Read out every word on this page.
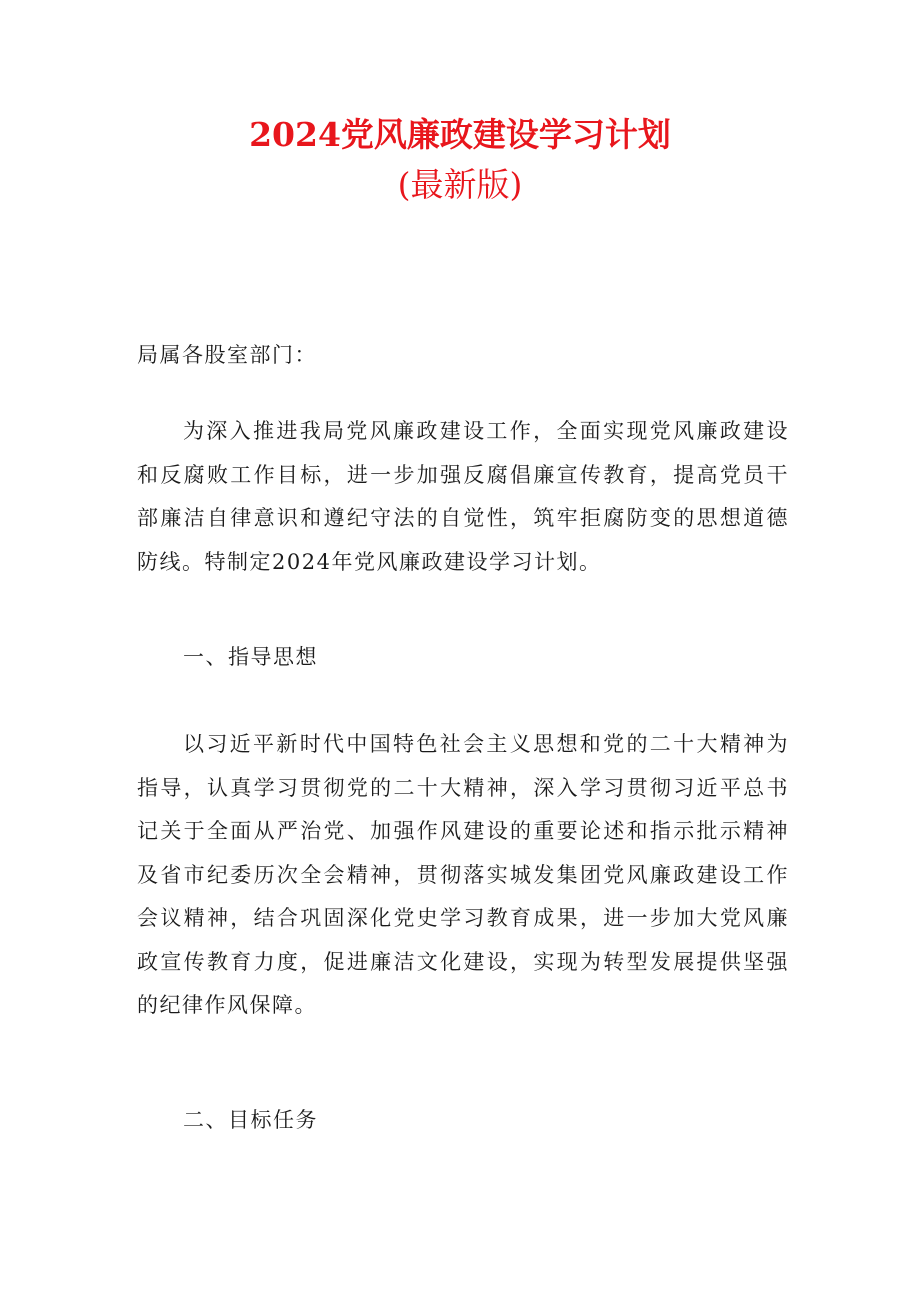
2024党风廉政建设学习计划
(最新版)
局属各股室部门：
为深入推进我局党风廉政建设工作，全面实现党风廉政建设和反腐败工作目标，进一步加强反腐倡廉宣传教育，提高党员干部廉洁自律意识和遵纪守法的自觉性，筑牢拒腐防变的思想道德防线。特制定2024年党风廉政建设学习计划。
一、指导思想
以习近平新时代中国特色社会主义思想和党的二十大精神为指导，认真学习贯彻党的二十大精神，深入学习贯彻习近平总书记关于全面从严治党、加强作风建设的重要论述和指示批示精神及省市纪委历次全会精神，贯彻落实城发集团党风廉政建设工作会议精神，结合巩固深化党史学习教育成果，进一步加大党风廉政宣传教育力度，促进廉洁文化建设，实现为转型发展提供坚强的纪律作风保障。
二、目标任务
